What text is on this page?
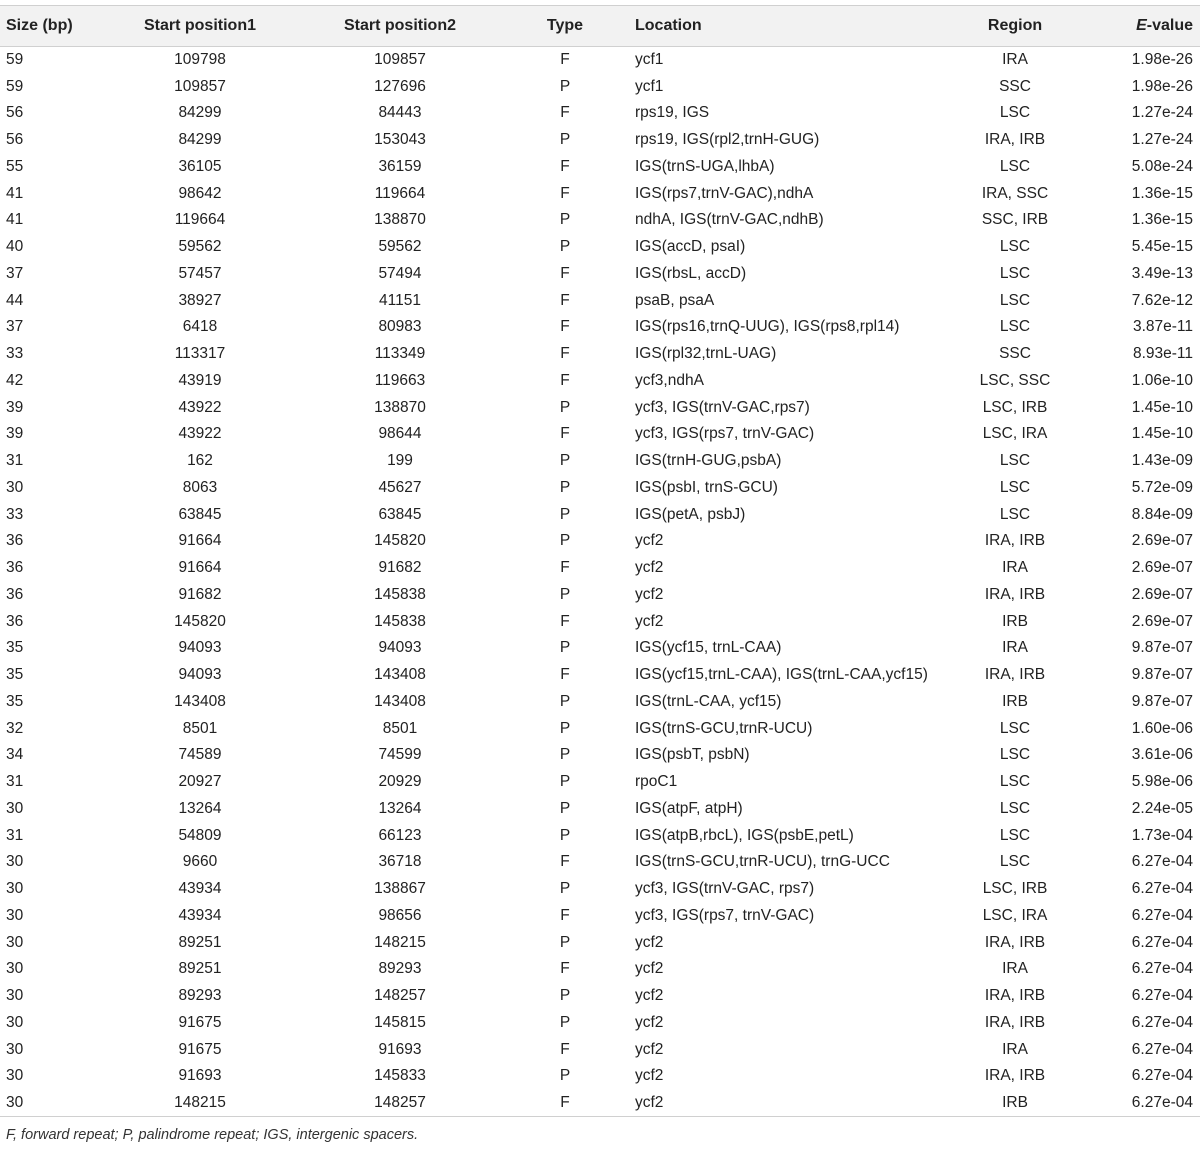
Size (bp)	Start position1	Start position2	Type	Location	Region	E-value
59	109798	109857	F	ycf1	IRA	1.98e-26
59	109857	127696	P	ycf1	SSC	1.98e-26
56	84299	84443	F	rps19, IGS	LSC	1.27e-24
56	84299	153043	P	rps19, IGS(rpl2,trnH-GUG)	IRA, IRB	1.27e-24
55	36105	36159	F	IGS(trnS-UGA,lhbA)	LSC	5.08e-24
41	98642	119664	F	IGS(rps7,trnV-GAC),ndhA	IRA, SSC	1.36e-15
41	119664	138870	P	ndhA, IGS(trnV-GAC,ndhB)	SSC, IRB	1.36e-15
40	59562	59562	P	IGS(accD, psaI)	LSC	5.45e-15
37	57457	57494	F	IGS(rbsL, accD)	LSC	3.49e-13
44	38927	41151	F	psaB, psaA	LSC	7.62e-12
37	6418	80983	F	IGS(rps16,trnQ-UUG), IGS(rps8,rpl14)	LSC	3.87e-11
33	113317	113349	F	IGS(rpl32,trnL-UAG)	SSC	8.93e-11
42	43919	119663	F	ycf3,ndhA	LSC, SSC	1.06e-10
39	43922	138870	P	ycf3, IGS(trnV-GAC,rps7)	LSC, IRB	1.45e-10
39	43922	98644	F	ycf3, IGS(rps7, trnV-GAC)	LSC, IRA	1.45e-10
31	162	199	P	IGS(trnH-GUG,psbA)	LSC	1.43e-09
30	8063	45627	P	IGS(psbI, trnS-GCU)	LSC	5.72e-09
33	63845	63845	P	IGS(petA, psbJ)	LSC	8.84e-09
36	91664	145820	P	ycf2	IRA, IRB	2.69e-07
36	91664	91682	F	ycf2	IRA	2.69e-07
36	91682	145838	P	ycf2	IRA, IRB	2.69e-07
36	145820	145838	F	ycf2	IRB	2.69e-07
35	94093	94093	P	IGS(ycf15, trnL-CAA)	IRA	9.87e-07
35	94093	143408	F	IGS(ycf15,trnL-CAA), IGS(trnL-CAA,ycf15)	IRA, IRB	9.87e-07
35	143408	143408	P	IGS(trnL-CAA, ycf15)	IRB	9.87e-07
32	8501	8501	P	IGS(trnS-GCU,trnR-UCU)	LSC	1.60e-06
34	74589	74599	P	IGS(psbT, psbN)	LSC	3.61e-06
31	20927	20929	P	rpoC1	LSC	5.98e-06
30	13264	13264	P	IGS(atpF, atpH)	LSC	2.24e-05
31	54809	66123	P	IGS(atpB,rbcL), IGS(psbE,petL)	LSC	1.73e-04
30	9660	36718	F	IGS(trnS-GCU,trnR-UCU), trnG-UCC	LSC	6.27e-04
30	43934	138867	P	ycf3, IGS(trnV-GAC, rps7)	LSC, IRB	6.27e-04
30	43934	98656	F	ycf3, IGS(rps7, trnV-GAC)	LSC, IRA	6.27e-04
30	89251	148215	P	ycf2	IRA, IRB	6.27e-04
30	89251	89293	F	ycf2	IRA	6.27e-04
30	89293	148257	P	ycf2	IRA, IRB	6.27e-04
30	91675	145815	P	ycf2	IRA, IRB	6.27e-04
30	91675	91693	F	ycf2	IRA	6.27e-04
30	91693	145833	P	ycf2	IRA, IRB	6.27e-04
30	148215	148257	F	ycf2	IRB	6.27e-04
F, forward repeat; P, palindrome repeat; IGS, intergenic spacers.
